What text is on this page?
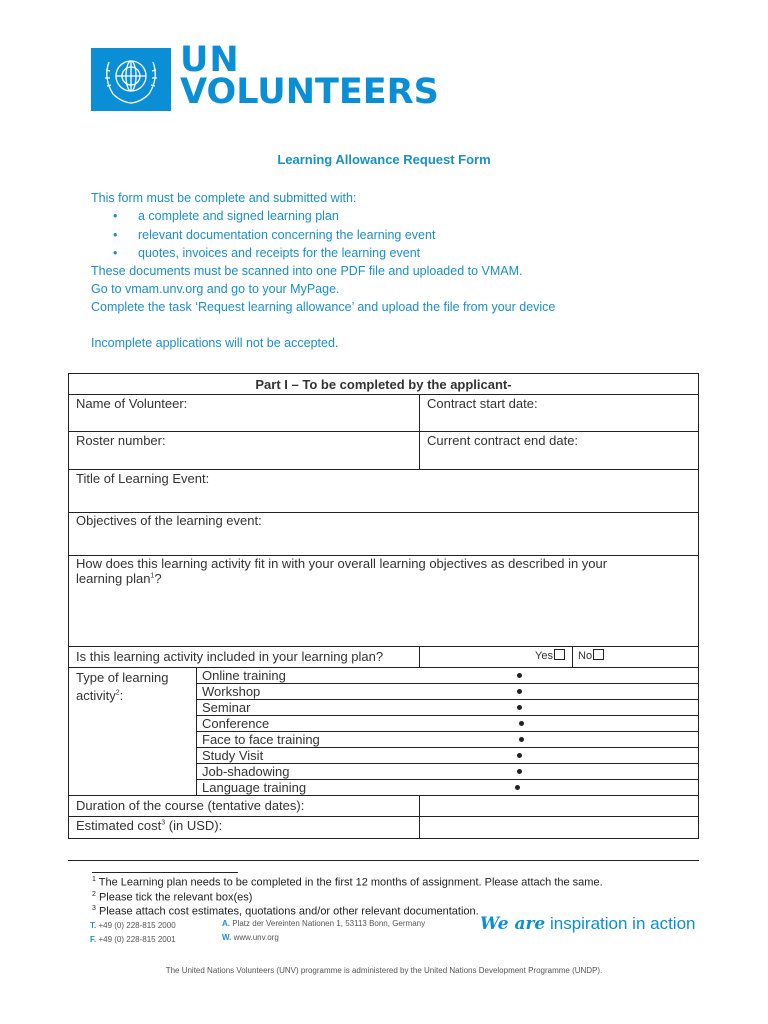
UN
VOLUNTEERS
Learning Allowance Request Form
This form must be complete and submitted with:
• a complete and signed learning plan
• relevant documentation concerning the learning event
• quotes, invoices and receipts for the learning event
These documents must be scanned into one PDF file and uploaded to VMAM.
Go to vmam.unv.org and go to your MyPage.
Complete the task ‘Request learning allowance’ and upload the file from your device
Incomplete applications will not be accepted.
Part I – To be completed by the applicant-
Name of Volunteer:	Contract start date:
Roster number:	Current contract end date:
Title of Learning Event:
Objectives of the learning event:
How does this learning activity fit in with your overall learning objectives as described in your
learning plan$^1$?
Is this learning activity included in your learning plan?	Yes	No
Type of learning
activity$^2$:
Online training
Workshop
Seminar
Conference
Face to face training
Study Visit
Job-shadowing
Language training
Duration of the course (tentative dates):
Estimated cost$^3$ (in USD):
$^1$ The Learning plan needs to be completed in the first 12 months of assignment. Please attach the same.
$^2$ Please tick the relevant box(es)
$^3$ Please attach cost estimates, quotations and/or other relevant documentation.
T. +49 (0) 228-815 2000
F. +49 (0) 228-815 2001
A. Platz der Vereinten Nationen 1, 53113 Bonn, Germany
W. www.unv.org
We are inspiration in action
The United Nations Volunteers (UNV) programme is administered by the United Nations Development Programme (UNDP).
